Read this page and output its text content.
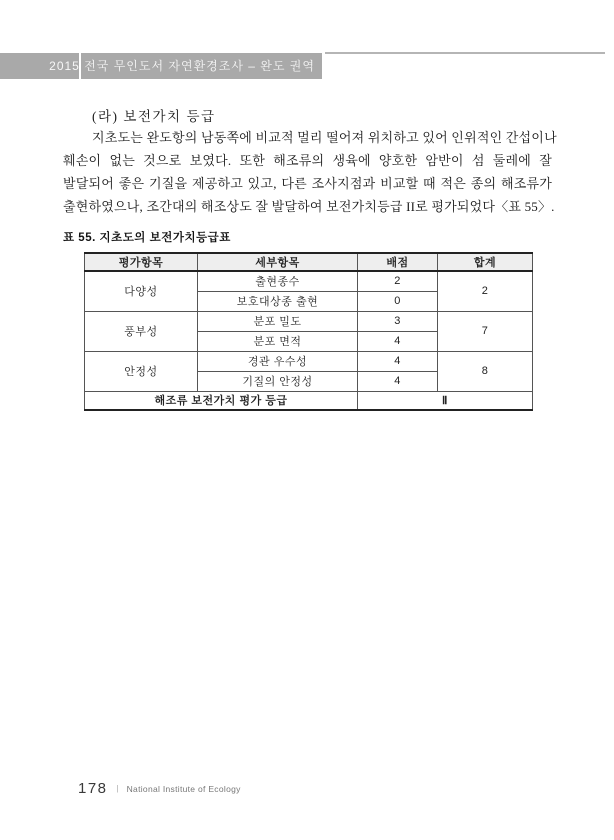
2015 전국 무인도서 자연환경조사 – 완도 권역
(라) 보전가치 등급
지초도는 완도항의 남동쪽에 비교적 멀리 떨어져 위치하고 있어 인위적인 간섭이나
훼손이 없는 것으로 보였다. 또한 해조류의 생육에 양호한 암반이 섬 둘레에 잘
발달되어 좋은 기질을 제공하고 있고, 다른 조사지점과 비교할 때 적은 종의 해조류가
출현하였으나, 조간대의 해조상도 잘 발달하여 보전가치등급 II로 평가되었다〈표 55〉.
표 55. 지초도의 보전가치등급표
평가항목	세부항목	배점	합계
다양성	출현종수	2	2
	보호대상종 출현	0	
풍부성	분포 밀도	3	7
	분포 면적	4	
안정성	경관 우수성	4	8
	기질의 안정성	4	
해조류 보전가치 평가 등급		Ⅱ	
178 | National Institute of Ecology
